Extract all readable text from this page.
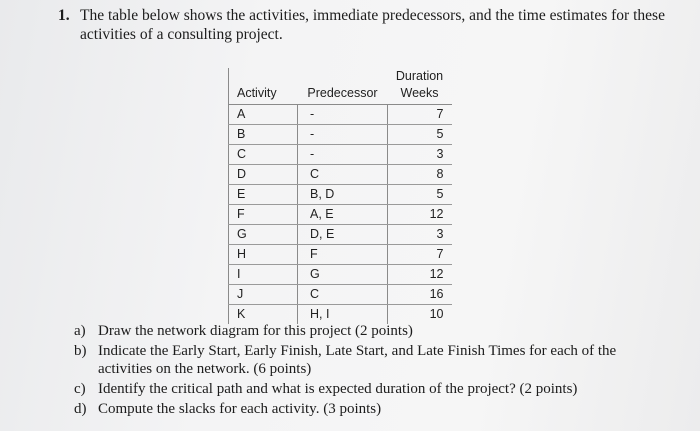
1. The table below shows the activities, immediate predecessors, and the time estimates for these activities of a consulting project.
Activity	Predecessor	Duration
Weeks
A	-	7
B	-	5
C	-	3
D	C	8
E	B, D	5
F	A, E	12
G	D, E	3
H	F	7
I	G	12
J	C	16
K	H, I	10
a) Draw the network diagram for this project (2 points)
b) Indicate the Early Start, Early Finish, Late Start, and Late Finish Times for each of the activities on the network. (6 points)
c) Identify the critical path and what is expected duration of the project? (2 points)
d) Compute the slacks for each activity. (3 points)
